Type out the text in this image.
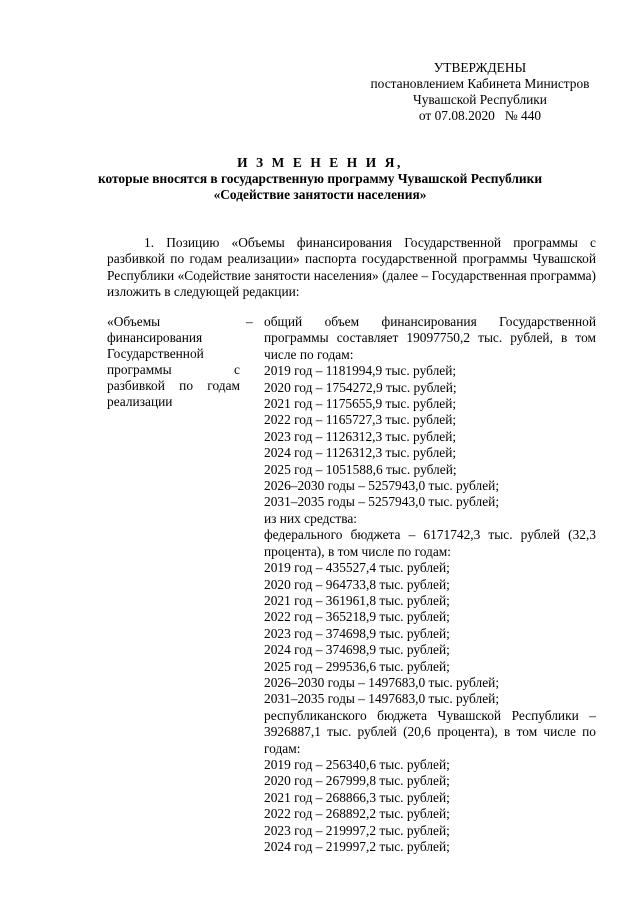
УТВЕРЖДЕНЫ
постановлением Кабинета Министров
Чувашской Республики
от 07.08.2020   № 440
И З М Е Н Е Н И Я,
которые вносятся в государственную программу Чувашской Республики
«Содействие занятости населения»
1. Позицию «Объемы финансирования Государственной программы с разбивкой по годам реализации» паспорта государственной программы Чувашской Республики «Содействие занятости населения» (далее – Государственная программа) изложить в следующей редакции:
«Объемы финансирования Государственной программы с разбивкой по годам реализации
– общий объем финансирования Государственной программы составляет 19097750,2 тыс. рублей, в том числе по годам:
2019 год – 1181994,9 тыс. рублей;
2020 год – 1754272,9 тыс. рублей;
2021 год – 1175655,9 тыс. рублей;
2022 год – 1165727,3 тыс. рублей;
2023 год – 1126312,3 тыс. рублей;
2024 год – 1126312,3 тыс. рублей;
2025 год – 1051588,6 тыс. рублей;
2026–2030 годы – 5257943,0 тыс. рублей;
2031–2035 годы – 5257943,0 тыс. рублей;
из них средства:
федерального бюджета – 6171742,3 тыс. рублей (32,3 процента), в том числе по годам:
2019 год – 435527,4 тыс. рублей;
2020 год – 964733,8 тыс. рублей;
2021 год – 361961,8 тыс. рублей;
2022 год – 365218,9 тыс. рублей;
2023 год – 374698,9 тыс. рублей;
2024 год – 374698,9 тыс. рублей;
2025 год – 299536,6 тыс. рублей;
2026–2030 годы – 1497683,0 тыс. рублей;
2031–2035 годы – 1497683,0 тыс. рублей;
республиканского бюджета Чувашской Республики – 3926887,1 тыс. рублей (20,6 процента), в том числе по годам:
2019 год – 256340,6 тыс. рублей;
2020 год – 267999,8 тыс. рублей;
2021 год – 268866,3 тыс. рублей;
2022 год – 268892,2 тыс. рублей;
2023 год – 219997,2 тыс. рублей;
2024 год – 219997,2 тыс. рублей;
